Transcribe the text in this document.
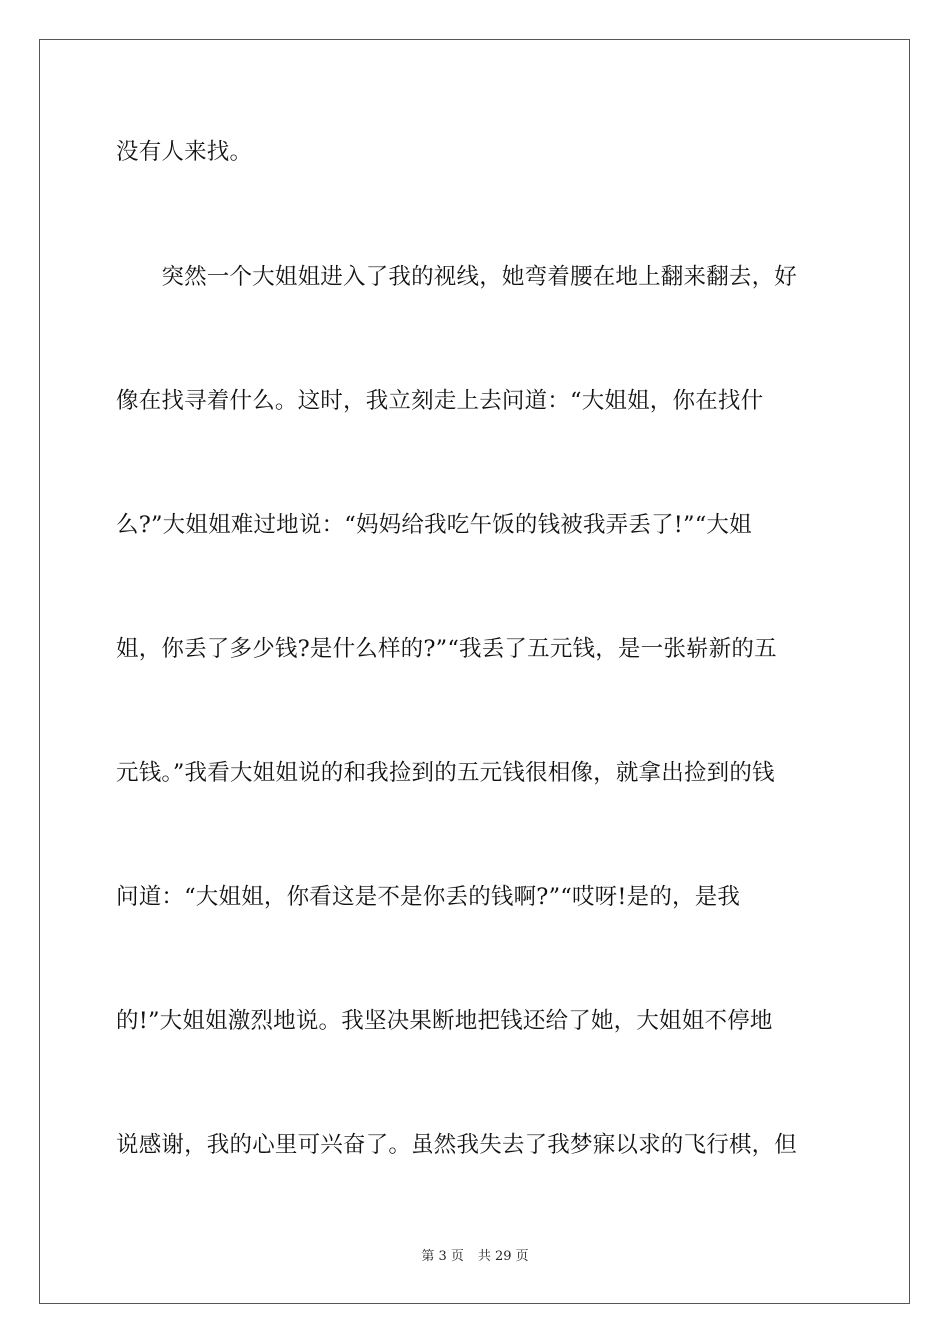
没有人来找。
　　突然一个大姐姐进入了我的视线，她弯着腰在地上翻来翻去，好
像在找寻着什么。这时，我立刻走上去问道：“大姐姐，你在找什
么?”大姐姐难过地说：“妈妈给我吃午饭的钱被我弄丢了!”“大姐
姐，你丢了多少钱?是什么样的?”“我丢了五元钱，是一张崭新的五
元钱。”我看大姐姐说的和我捡到的五元钱很相像，就拿出捡到的钱
问道：“大姐姐，你看这是不是你丢的钱啊?”“哎呀!是的，是我
的!”大姐姐激烈地说。我坚决果断地把钱还给了她，大姐姐不停地
说感谢，我的心里可兴奋了。虽然我失去了我梦寐以求的飞行棋，但
第 3 页 共 29 页
